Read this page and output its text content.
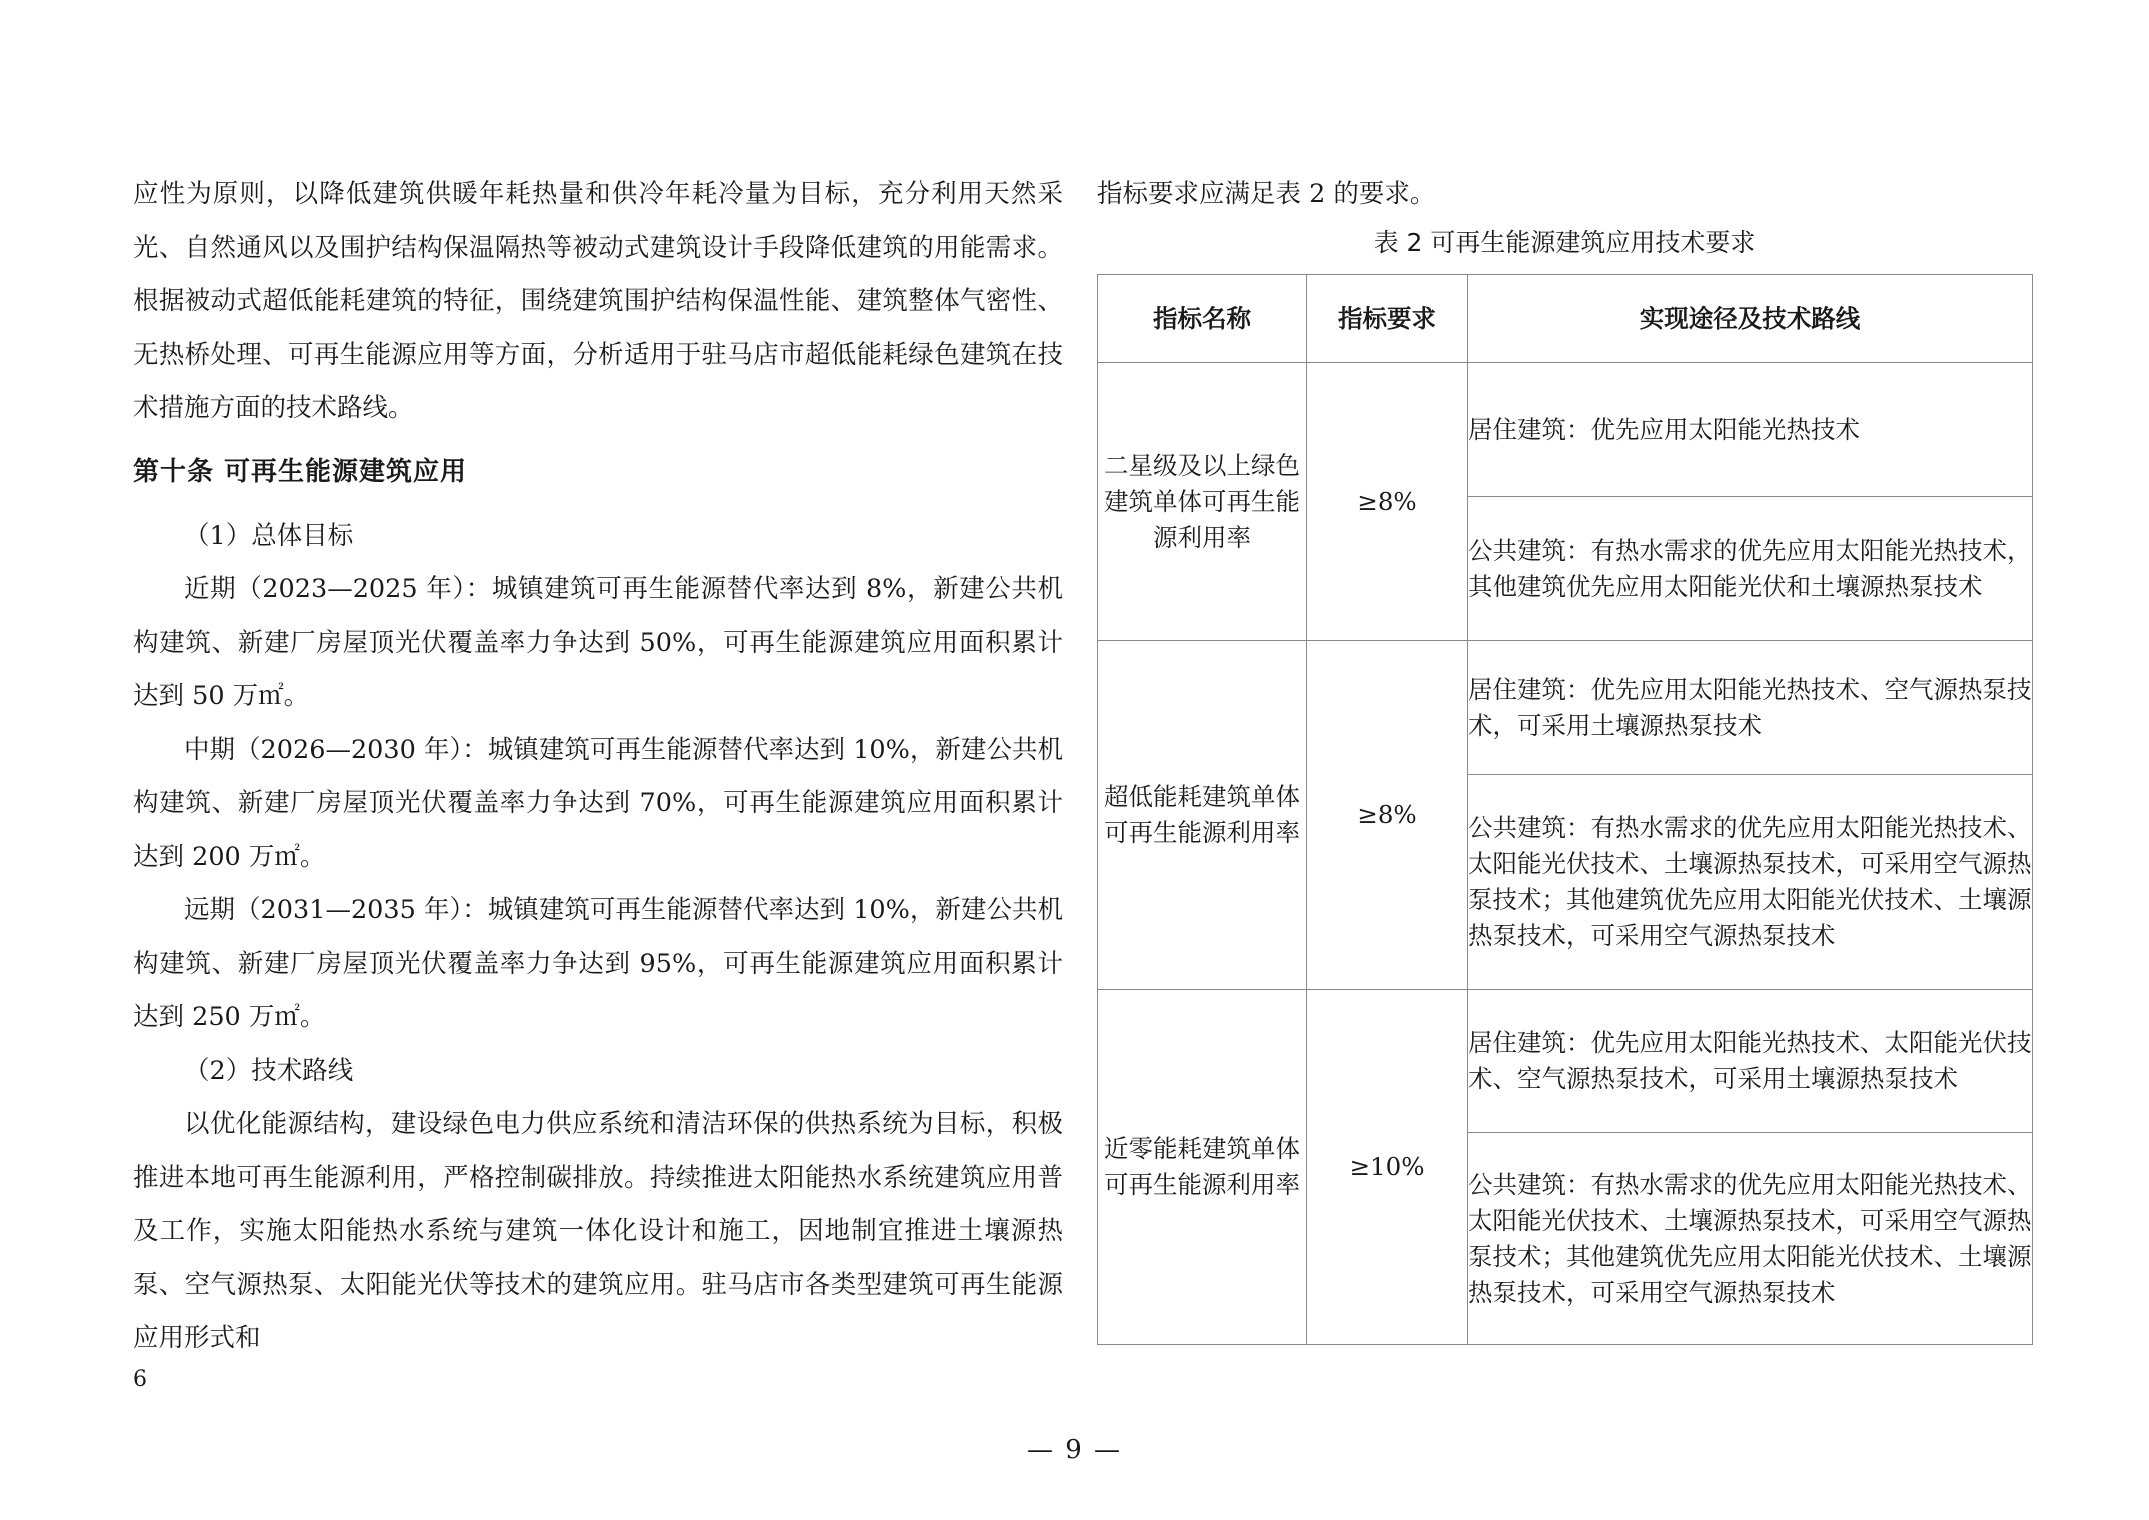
应性为原则，以降低建筑供暖年耗热量和供冷年耗冷量为目标，充分利用天然采光、自然通风以及围护结构保温隔热等被动式建筑设计手段降低建筑的用能需求。根据被动式超低能耗建筑的特征，围绕建筑围护结构保温性能、建筑整体气密性、无热桥处理、可再生能源应用等方面，分析适用于驻马店市超低能耗绿色建筑在技术措施方面的技术路线。

第十条 可再生能源建筑应用

（1）总体目标

近期（2023—2025 年）：城镇建筑可再生能源替代率达到 8%，新建公共机构建筑、新建厂房屋顶光伏覆盖率力争达到 50%，可再生能源建筑应用面积累计达到 50 万㎡。

中期（2026—2030 年）：城镇建筑可再生能源替代率达到 10%，新建公共机构建筑、新建厂房屋顶光伏覆盖率力争达到 70%，可再生能源建筑应用面积累计达到 200 万㎡。

远期（2031—2035 年）：城镇建筑可再生能源替代率达到 10%，新建公共机构建筑、新建厂房屋顶光伏覆盖率力争达到 95%，可再生能源建筑应用面积累计达到 250 万㎡。

（2）技术路线

以优化能源结构，建设绿色电力供应系统和清洁环保的供热系统为目标，积极推进本地可再生能源利用，严格控制碳排放。持续推进太阳能热水系统建筑应用普及工作，实施太阳能热水系统与建筑一体化设计和施工，因地制宜推进土壤源热泵、空气源热泵、太阳能光伏等技术的建筑应用。驻马店市各类型建筑可再生能源应用形式和

6
— 9 —

指标要求应满足表 2 的要求。

表 2 可再生能源建筑应用技术要求

指标名称	指标要求	实现途径及技术路线
二星级及以上绿色建筑单体可再生能源利用率	≥8%	居住建筑：优先应用太阳能光热技术
		公共建筑：有热水需求的优先应用太阳能光热技术，其他建筑优先应用太阳能光伏和土壤源热泵技术
超低能耗建筑单体可再生能源利用率	≥8%	居住建筑：优先应用太阳能光热技术、空气源热泵技术，可采用土壤源热泵技术
		公共建筑：有热水需求的优先应用太阳能光热技术、太阳能光伏技术、土壤源热泵技术，可采用空气源热泵技术；其他建筑优先应用太阳能光伏技术、土壤源热泵技术，可采用空气源热泵技术
近零能耗建筑单体可再生能源利用率	≥10%	居住建筑：优先应用太阳能光热技术、太阳能光伏技术、空气源热泵技术，可采用土壤源热泵技术
		公共建筑：有热水需求的优先应用太阳能光热技术、太阳能光伏技术、土壤源热泵技术，可采用空气源热泵技术；其他建筑优先应用太阳能光伏技术、土壤源热泵技术，可采用空气源热泵技术
